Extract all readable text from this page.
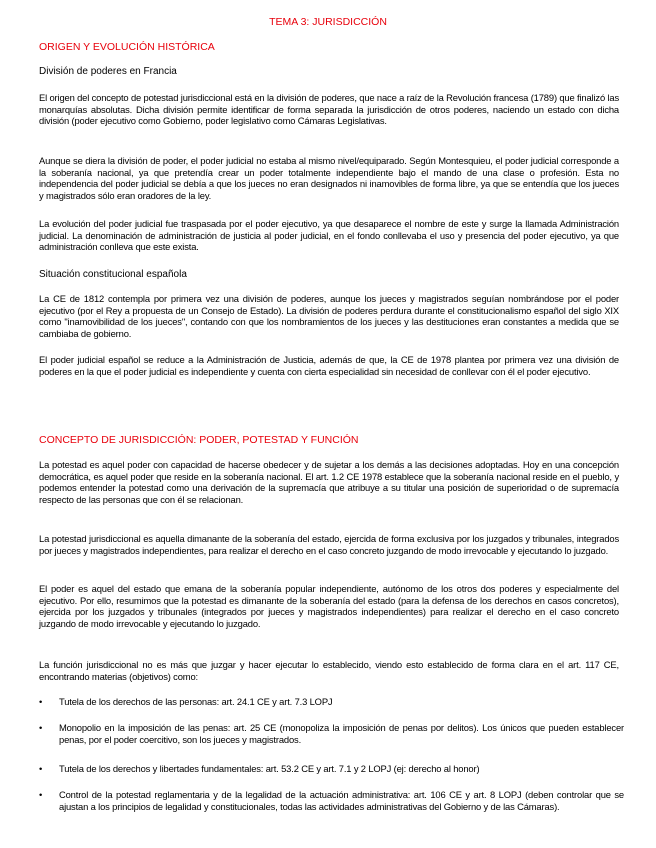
TEMA 3: JURISDICCIÓN
ORIGEN Y EVOLUCIÓN HISTÓRICA
División de poderes en Francia

El origen del concepto de potestad jurisdiccional está en la división de poderes, que nace a raíz de la Revolución francesa (1789) que finalizó las monarquías absolutas. Dicha división permite identificar de forma separada la jurisdicción de otros poderes, naciendo un estado con dicha división (poder ejecutivo como Gobierno, poder legislativo como Cámaras Legislativas.

Aunque se diera la división de poder, el poder judicial no estaba al mismo nivel/equiparado. Según Montesquieu, el poder judicial corresponde a la soberanía nacional, ya que pretendía crear un poder totalmente independiente bajo el mando de una clase o profesión. Esta no independencia del poder judicial se debía a que los jueces no eran designados ni inamovibles de forma libre, ya que se entendía que los jueces y magistrados sólo eran oradores de la ley.

La evolución del poder judicial fue traspasada por el poder ejecutivo, ya que desaparece el nombre de este y surge la llamada Administración judicial. La denominación de administración de justicia al poder judicial, en el fondo conllevaba el uso y presencia del poder ejecutivo, ya que administración conlleva que este exista.

Situación constitucional española

La CE de 1812 contempla por primera vez una división de poderes, aunque los jueces y magistrados seguían nombrándose por el poder ejecutivo (por el Rey a propuesta de un Consejo de Estado). La división de poderes perdura durante el constitucionalismo español del siglo XIX como "inamovibilidad de los jueces", contando con que los nombramientos de los jueces y las destituciones eran constantes a medida que se cambiaba de gobierno.

El poder judicial español se reduce a la Administración de Justicia, además de que, la CE de 1978 plantea por primera vez una división de poderes en la que el poder judicial es independiente y cuenta con cierta especialidad sin necesidad de conllevar con él el poder ejecutivo.

CONCEPTO DE JURISDICCIÓN: PODER, POTESTAD Y FUNCIÓN

La potestad es aquel poder con capacidad de hacerse obedecer y de sujetar a los demás a las decisiones adoptadas. Hoy en una concepción democrática, es aquel poder que reside en la soberanía nacional. El art. 1.2 CE 1978 establece que la soberanía nacional reside en el pueblo, y podemos entender la potestad como una derivación de la supremacía que atribuye a su titular una posición de superioridad o de supremacía respecto de las personas que con él se relacionan.

La potestad jurisdiccional es aquella dimanante de la soberanía del estado, ejercida de forma exclusiva por los juzgados y tribunales, integrados por jueces y magistrados independientes, para realizar el derecho en el caso concreto juzgando de modo irrevocable y ejecutando lo juzgado.

El poder es aquel del estado que emana de la soberanía popular independiente, autónomo de los otros dos poderes y especialmente del ejecutivo. Por ello, resumimos que la potestad es dimanante de la soberanía del estado (para la defensa de los derechos en casos concretos), ejercida por los juzgados y tribunales (integrados por jueces y magistrados independientes) para realizar el derecho en el caso concreto juzgando de modo irrevocable y ejecutando lo juzgado.

La función jurisdiccional no es más que juzgar y hacer ejecutar lo establecido, viendo esto establecido de forma clara en el art. 117 CE, encontrando materias (objetivos) como:

• Tutela de los derechos de las personas: art. 24.1 CE y art. 7.3 LOPJ
• Monopolio en la imposición de las penas: art. 25 CE (monopoliza la imposición de penas por delitos). Los únicos que pueden establecer penas, por el poder coercitivo, son los jueces y magistrados.
• Tutela de los derechos y libertades fundamentales: art. 53.2 CE y art. 7.1 y 2 LOPJ (ej: derecho al honor)
• Control de la potestad reglamentaria y de la legalidad de la actuación administrativa: art. 106 CE y art. 8 LOPJ (deben controlar que se ajustan a los principios de legalidad y constitucionales, todas las actividades administrativas del Gobierno y de las Cámaras).
